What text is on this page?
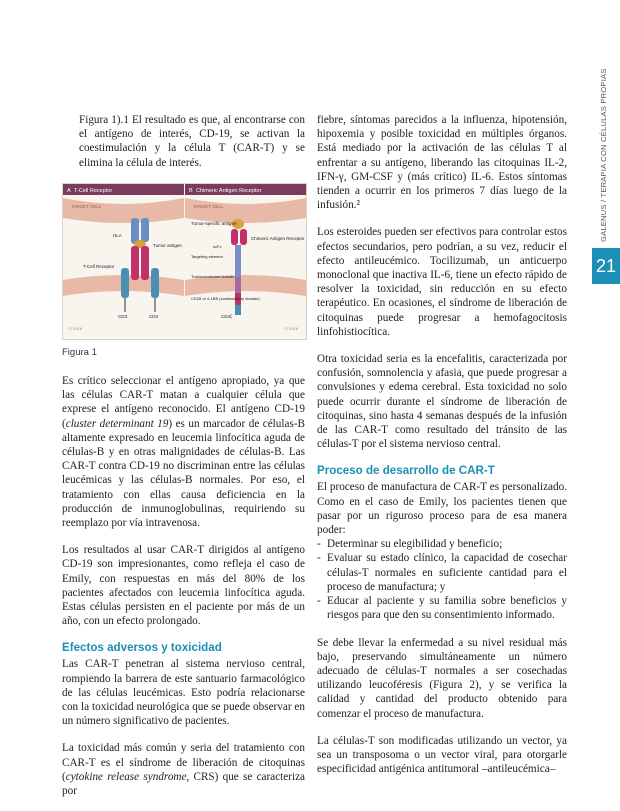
GALENUS / TERAPIA CON CÉLULAS PROPIAS
21

Figura 1).1 El resultado es que, al encontrarse con el antígeno de interés, CD-19, se activan la coestimulación y la célula T (CAR-T) y se elimina la célula de interés.

A T-Cell Receptor	B Chimeric Antigen Receptor
TARGET CELL	TARGET CELL
© 2016	© 2016
HLA
Tumor antigen
T-Cell Receptor
CD3	CD3
Tumor-specific antigen
Chimeric Antigen Receptor
scFv
Targeting element
Transmembrane domain
CD28 or 4-1BB (costimulatory domain)
CD3ζ
Figura 1

Es crítico seleccionar el antígeno apropiado, ya que las células CAR-T matan a cualquier célula que exprese el antígeno reconocido. El antígeno CD-19 (cluster determinant 19) es un marcador de células-B altamente expresado en leucemia linfocítica aguda de células-B y en otras malignidades de células-B. Las CAR-T contra CD-19 no discriminan entre las células leucémicas y las células-B normales. Por eso, el tratamiento con ellas causa deficiencia en la producción de inmunoglobulinas, requiriendo su reemplazo por vía intravenosa.

Los resultados al usar CAR-T dirigidos al antígeno CD-19 son impresionantes, como refleja el caso de Emily, con respuestas en más del 80% de los pacientes afectados con leucemia linfocítica aguda. Estas células persisten en el paciente por más de un año, con un efecto prolongado.

Efectos adversos y toxicidad

Las CAR-T penetran al sistema nervioso central, rompiendo la barrera de este santuario farmacológico de las células leucémicas. Esto podría relacionarse con la toxicidad neurológica que se puede observar en un número significativo de pacientes.

La toxicidad más común y seria del tratamiento con CAR-T es el síndrome de liberación de citoquinas (cytokine release syndrome, CRS) que se caracteriza por

fiebre, síntomas parecidos a la influenza, hipotensión, hipoxemia y posible toxicidad en múltiples órganos. Está mediado por la activación de las células T al enfrentar a su antígeno, liberando las citoquinas IL-2, IFN-γ, GM-CSF y (más crítico) IL-6. Estos síntomas tienden a ocurrir en los primeros 7 días luego de la infusión.²

Los esteroides pueden ser efectivos para controlar estos efectos secundarios, pero podrían, a su vez, reducir el efecto antileucémico. Tocilizumab, un anticuerpo monoclonal que inactiva IL-6, tiene un efecto rápido de resolver la toxicidad, sin reducción en su efecto terapéutico. En ocasiones, el síndrome de liberación de citoquinas puede progresar a hemofagocitosis linfohistiocítica.

Otra toxicidad seria es la encefalitis, caracterizada por confusión, somnolencia y afasia, que puede progresar a convulsiones y edema cerebral. Esta toxicidad no solo puede ocurrir durante el síndrome de liberación de citoquinas, sino hasta 4 semanas después de la infusión de las CAR-T como resultado del tránsito de las células-T por el sistema nervioso central.

Proceso de desarrollo de CAR-T

El proceso de manufactura de CAR-T es personalizado. Como en el caso de Emily, los pacientes tienen que pasar por un riguroso proceso para de esa manera poder:

- Determinar su elegibilidad y beneficio;
- Evaluar su estado clínico, la capacidad de cosechar células-T normales en suficiente cantidad para el proceso de manufactura; y
- Educar al paciente y su familia sobre beneficios y riesgos para que den su consentimiento informado.

Se debe llevar la enfermedad a su nivel residual más bajo, preservando simultáneamente un número adecuado de células-T normales a ser cosechadas utilizando leucoféresis (Figura 2), y se verifica la calidad y cantidad del producto obtenido para comenzar el proceso de manufactura.

La células-T son modificadas utilizando un vector, ya sea un transposoma o un vector viral, para otorgarle especificidad antigénica antitumoral –antileucémica–
